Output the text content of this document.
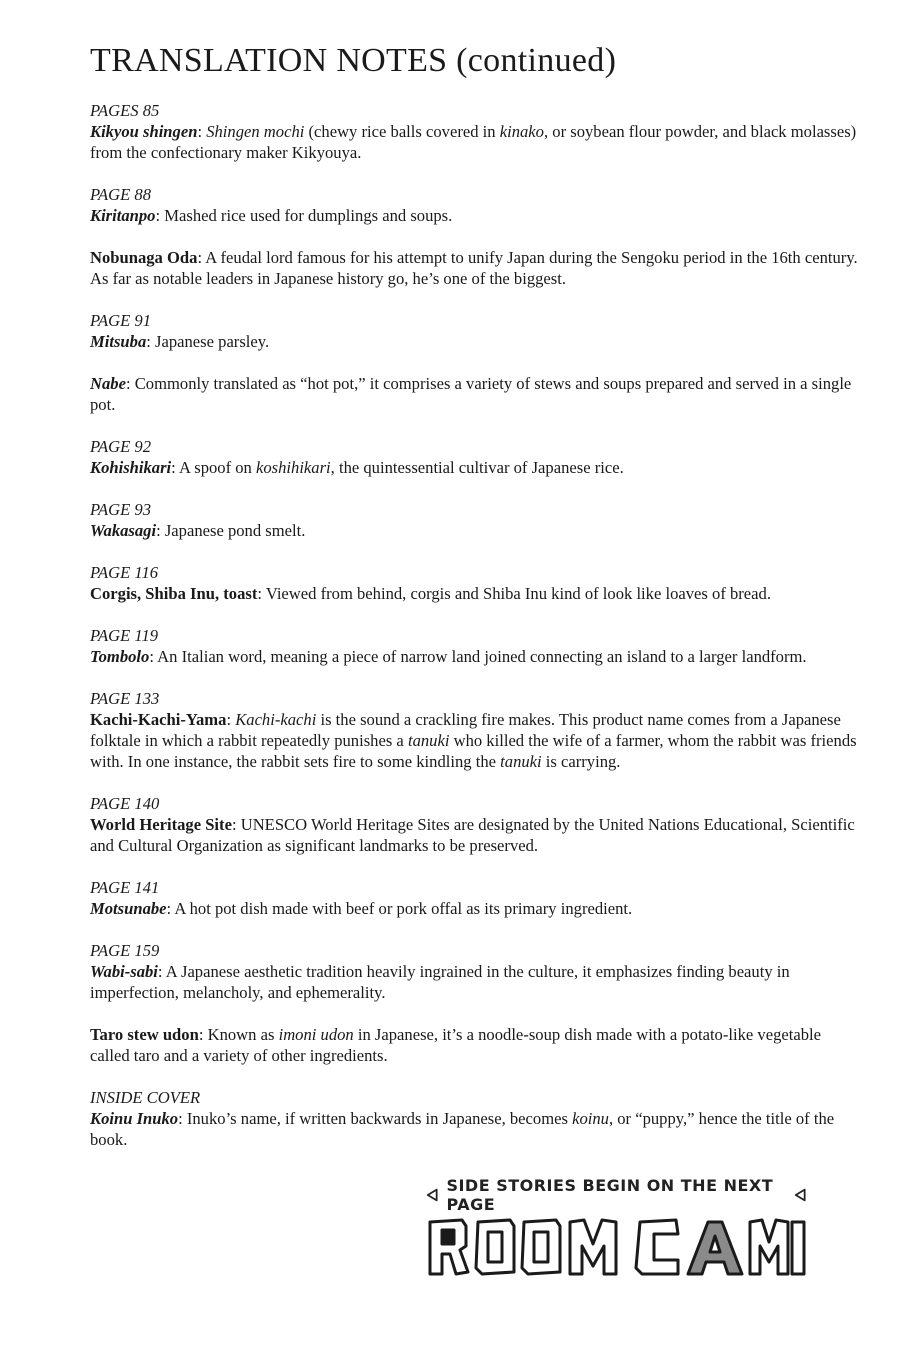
TRANSLATION NOTES (continued)
PAGES 85
Kikyou shingen: Shingen mochi (chewy rice balls covered in kinako, or soybean flour powder, and black molasses) from the confectionary maker Kikyouya.
PAGE 88
Kiritanpo: Mashed rice used for dumplings and soups.
Nobunaga Oda: A feudal lord famous for his attempt to unify Japan during the Sengoku period in the 16th century. As far as notable leaders in Japanese history go, he’s one of the biggest.
PAGE 91
Mitsuba: Japanese parsley.
Nabe: Commonly translated as “hot pot,” it comprises a variety of stews and soups prepared and served in a single pot.
PAGE 92
Kohishikari: A spoof on koshihikari, the quintessential cultivar of Japanese rice.
PAGE 93
Wakasagi: Japanese pond smelt.
PAGE 116
Corgis, Shiba Inu, toast: Viewed from behind, corgis and Shiba Inu kind of look like loaves of bread.
PAGE 119
Tombolo: An Italian word, meaning a piece of narrow land joined connecting an island to a larger landform.
PAGE 133
Kachi-Kachi-Yama: Kachi-kachi is the sound a crackling fire makes. This product name comes from a Japanese folktale in which a rabbit repeatedly punishes a tanuki who killed the wife of a farmer, whom the rabbit was friends with. In one instance, the rabbit sets fire to some kindling the tanuki is carrying.
PAGE 140
World Heritage Site: UNESCO World Heritage Sites are designated by the United Nations Educational, Scientific and Cultural Organization as significant landmarks to be preserved.
PAGE 141
Motsunabe: A hot pot dish made with beef or pork offal as its primary ingredient.
PAGE 159
Wabi-sabi: A Japanese aesthetic tradition heavily ingrained in the culture, it emphasizes finding beauty in imperfection, melancholy, and ephemerality.
Taro stew udon: Known as imoni udon in Japanese, it’s a noodle-soup dish made with a potato-like vegetable called taro and a variety of other ingredients.
INSIDE COVER
Koinu Inuko: Inuko’s name, if written backwards in Japanese, becomes koinu, or “puppy,” hence the title of the book.
SIDE STORIES BEGIN ON THE NEXT PAGE
